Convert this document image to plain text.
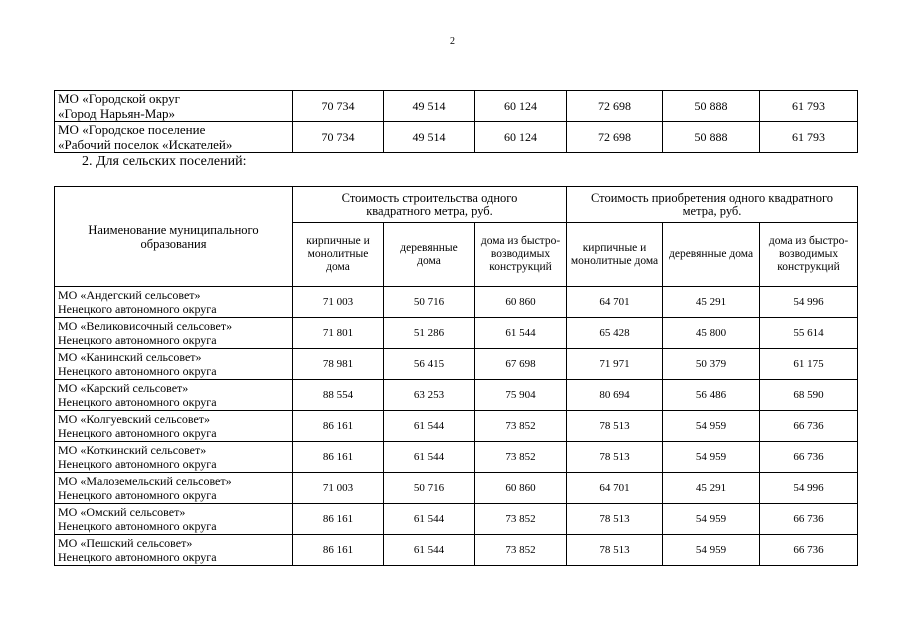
2
МО «Городской округ
«Город Нарьян-Мар»	70 734	49 514	60 124	72 698	50 888	61 793

МО «Городское поселение
«Рабочий поселок «Искателей»	70 734	49 514	60 124	72 698	50 888	61 793
2. Для сельских поселений:
Наименование муниципального образования	Стоимость строительства одного квадратного метра, руб.			Стоимость приобретения одного квадратного метра, руб.		
	кирпичные и монолитные дома	деревянные дома	дома из быстро-возводимых конструкций	кирпичные и монолитные дома	деревянные дома	дома из быстро-возводимых конструкций

МО «Андегский сельсовет»
Ненецкого автономного округа	71 003	50 716	60 860	64 701	45 291	54 996

МО «Великовисочный сельсовет»
Ненецкого автономного округа	71 801	51 286	61 544	65 428	45 800	55 614

МО «Канинский сельсовет»
Ненецкого автономного округа	78 981	56 415	67 698	71 971	50 379	61 175

МО «Карский сельсовет»
Ненецкого автономного округа	88 554	63 253	75 904	80 694	56 486	68 590

МО «Колгуевский сельсовет»
Ненецкого автономного округа	86 161	61 544	73 852	78 513	54 959	66 736

МО «Коткинский сельсовет»
Ненецкого автономного округа	86 161	61 544	73 852	78 513	54 959	66 736

МО «Малоземельский сельсовет»
Ненецкого автономного округа	71 003	50 716	60 860	64 701	45 291	54 996

МО «Омский сельсовет»
Ненецкого автономного округа	86 161	61 544	73 852	78 513	54 959	66 736

МО «Пешский сельсовет»
Ненецкого автономного округа	86 161	61 544	73 852	78 513	54 959	66 736
